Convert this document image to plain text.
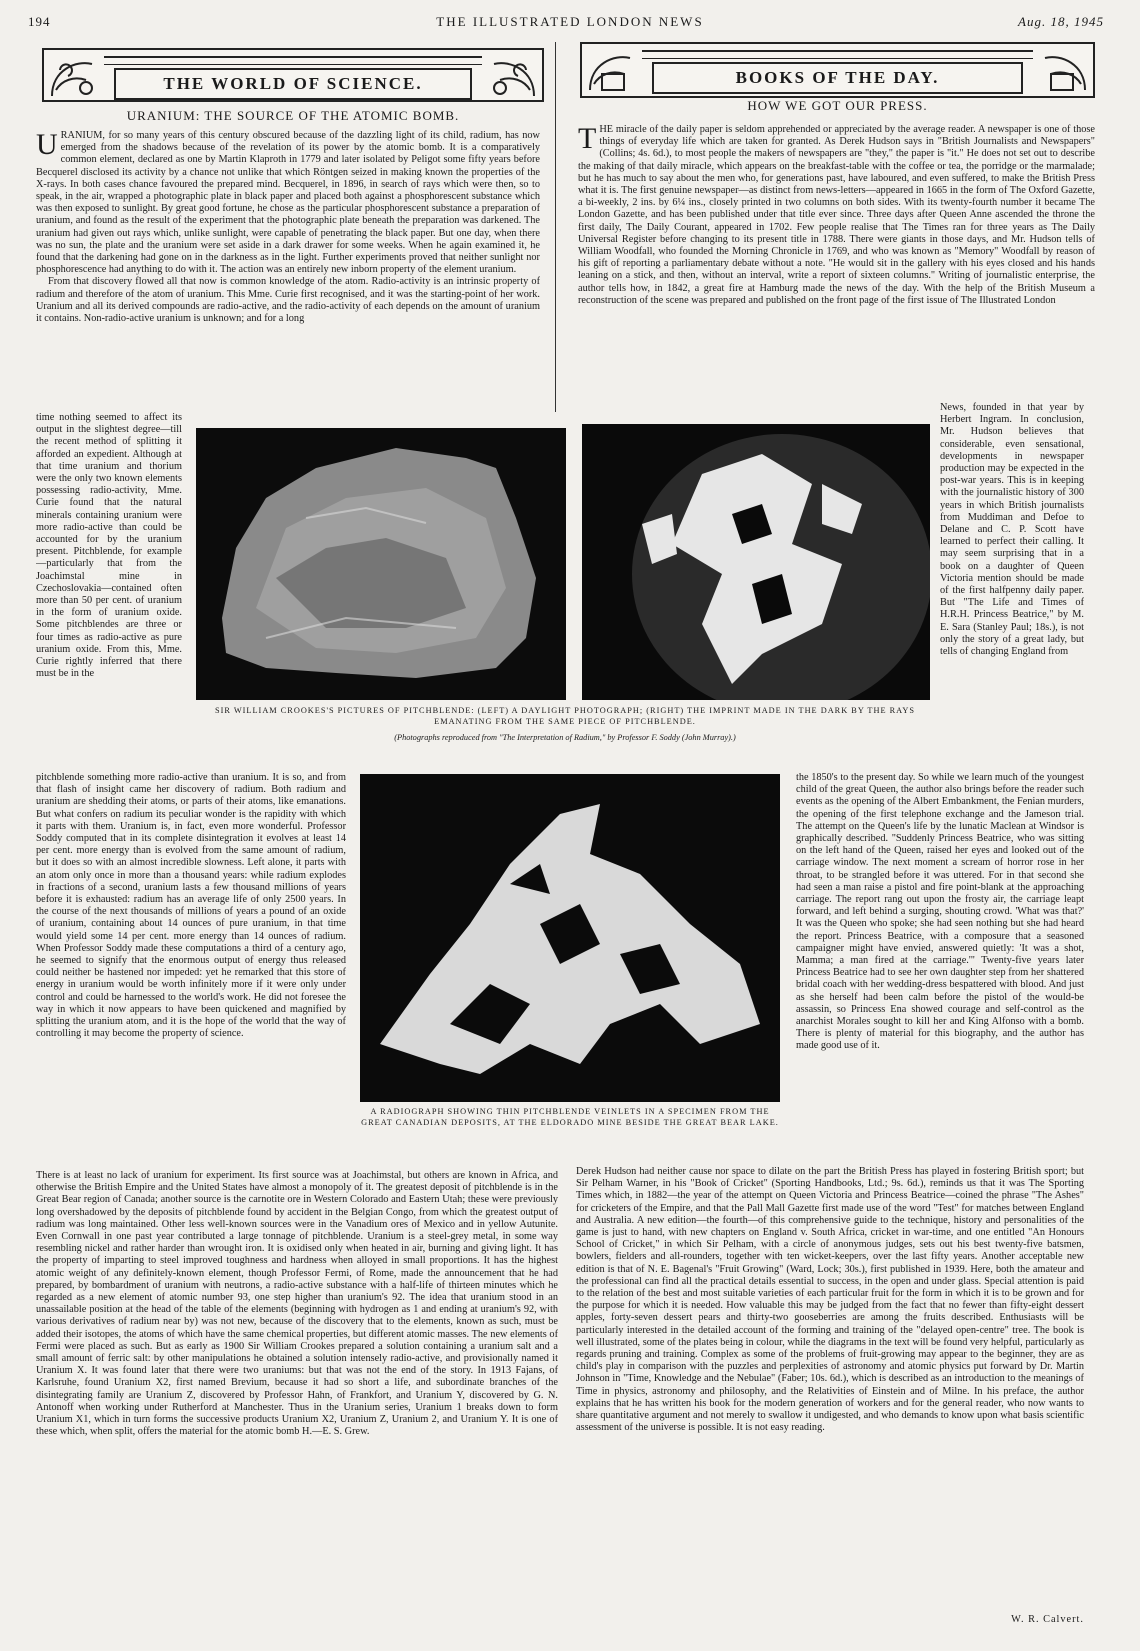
194	THE ILLUSTRATED LONDON NEWS	Aug. 18, 1945
THE WORLD OF SCIENCE.	BOOKS OF THE DAY.
URANIUM: THE SOURCE OF THE ATOMIC BOMB.
HOW WE GOT OUR PRESS.

URANIUM, for so many years of this century obscured because of the dazzling light of its child, radium, has now emerged from the shadows because of the revelation of its power by the atomic bomb. It is a comparatively common element, declared as one by Martin Klaproth in 1779 and later isolated by Peligot some fifty years before Becquerel disclosed its activity by a chance not unlike that which Röntgen seized in making known the properties of the X-rays. In both cases chance favoured the prepared mind. Becquerel, in 1896, in search of rays which were then, so to speak, in the air, wrapped a photographic plate in black paper and placed both against a phosphorescent substance which was then exposed to sunlight. By great good fortune, he chose as the particular phosphorescent substance a preparation of uranium, and found as the result of the experiment that the photographic plate beneath the preparation was darkened. The uranium had given out rays which, unlike sunlight, were capable of penetrating the black paper. But one day, when there was no sun, the plate and the uranium were set aside in a dark drawer for some weeks. When he again examined it, he found that the darkening had gone on in the darkness as in the light. Further experiments proved that neither sunlight nor phosphorescence had anything to do with it. The action was an entirely new inborn property of the element uranium.

From that discovery flowed all that now is common knowledge of the atom. Radio-activity is an intrinsic property of radium and therefore of the atom of uranium. This Mme. Curie first recognised, and it was the starting-point of her work. Uranium and all its derived compounds are radio-active, and the radio-activity of each depends on the amount of uranium it contains. Non-radio-active uranium is unknown; and for a long

THE miracle of the daily paper is seldom apprehended or appreciated by the average reader. A newspaper is one of those things of everyday life which are taken for granted. As Derek Hudson says in "British Journalists and Newspapers" (Collins; 4s. 6d.), to most people the makers of newspapers are "they," the paper is "it." He does not set out to describe the making of that daily miracle, which appears on the breakfast-table with the coffee or tea, the porridge or the marmalade; but he has much to say about the men who, for generations past, have laboured, and even suffered, to make the British Press what it is. The first genuine newspaper—as distinct from news-letters—appeared in 1665 in the form of The Oxford Gazette, a bi-weekly, 2 ins. by 6¼ ins., closely printed in two columns on both sides. With its twenty-fourth number it became The London Gazette, and has been published under that title ever since. Three days after Queen Anne ascended the throne the first daily, The Daily Courant, appeared in 1702. Few people realise that The Times ran for three years as The Daily Universal Register before changing to its present title in 1788. There were giants in those days, and Mr. Hudson tells of William Woodfall, who founded the Morning Chronicle in 1769, and who was known as "Memory" Woodfall by reason of his gift of reporting a parliamentary debate without a note. "He would sit in the gallery with his eyes closed and his hands leaning on a stick, and then, without an interval, write a report of sixteen columns." Writing of journalistic enterprise, the author tells how, in 1842, a great fire at Hamburg made the news of the day. With the help of the British Museum a reconstruction of the scene was prepared and published on the front page of the first issue of The Illustrated London

time nothing seemed to affect its output in the slightest degree—till the recent method of splitting it afforded an expedient. Although at that time uranium and thorium were the only two known elements possessing radio-activity, Mme. Curie found that the natural minerals containing uranium were more radio-active than could be accounted for by the uranium present. Pitchblende, for example—particularly that from the Joachimstal mine in Czechoslovakia—contained often more than 50 per cent. of uranium in the form of uranium oxide. Some pitchblendes are three or four times as radio-active as pure uranium oxide. From this, Mme. Curie rightly inferred that there must be in the

News, founded in that year by Herbert Ingram. In conclusion, Mr. Hudson believes that considerable, even sensational, developments in newspaper production may be expected in the post-war years. This is in keeping with the journalistic history of 300 years in which British journalists from Muddiman and Defoe to Delane and C. P. Scott have learned to perfect their calling. It may seem surprising that in a book on a daughter of Queen Victoria mention should be made of the first halfpenny daily paper. But "The Life and Times of H.R.H. Princess Beatrice," by M. E. Sara (Stanley Paul; 18s.), is not only the story of a great lady, but tells of changing England from

SIR WILLIAM CROOKES'S PICTURES OF PITCHBLENDE: (LEFT) A DAYLIGHT PHOTOGRAPH; (RIGHT) THE IMPRINT MADE IN THE DARK BY THE RAYS EMANATING FROM THE SAME PIECE OF PITCHBLENDE.
(Photographs reproduced from "The Interpretation of Radium," by Professor F. Soddy (John Murray).)

pitchblende something more radio-active than uranium. It is so, and from that flash of insight came her discovery of radium. Both radium and uranium are shedding their atoms, or parts of their atoms, like emanations. But what confers on radium its peculiar wonder is the rapidity with which it parts with them. Uranium is, in fact, even more wonderful. Professor Soddy computed that in its complete disintegration it evolves at least 14 per cent. more energy than is evolved from the same amount of radium, but it does so with an almost incredible slowness. Left alone, it parts with an atom only once in more than a thousand years: while radium explodes in fractions of a second, uranium lasts a few thousand millions of years before it is exhausted: radium has an average life of only 2500 years. In the course of the next thousands of millions of years a pound of an oxide of uranium, containing about 14 ounces of pure uranium, in that time would yield some 14 per cent. more energy than 14 ounces of radium. When Professor Soddy made these computations a third of a century ago, he seemed to signify that the enormous output of energy thus released could neither be hastened nor impeded: yet he remarked that this store of energy in uranium would be worth infinitely more if it were only under control and could be harnessed to the world's work. He did not foresee the way in which it now appears to have been quickened and magnified by splitting the uranium atom, and it is the hope of the world that the way of controlling it may become the property of science.

A RADIOGRAPH SHOWING THIN PITCHBLENDE VEINLETS IN A SPECIMEN FROM THE GREAT CANADIAN DEPOSITS, AT THE ELDORADO MINE BESIDE THE GREAT BEAR LAKE.

the 1850's to the present day. So while we learn much of the youngest child of the great Queen, the author also brings before the reader such events as the opening of the Albert Embankment, the Fenian murders, the opening of the first telephone exchange and the Jameson trial. The attempt on the Queen's life by the lunatic Maclean at Windsor is graphically described. "Suddenly Princess Beatrice, who was sitting on the left hand of the Queen, raised her eyes and looked out of the carriage window. The next moment a scream of horror rose in her throat, to be strangled before it was uttered. For in that second she had seen a man raise a pistol and fire point-blank at the approaching carriage. The report rang out upon the frosty air, the carriage leapt forward, and left behind a surging, shouting crowd. 'What was that?' It was the Queen who spoke; she had seen nothing but she had heard the report. Princess Beatrice, with a composure that a seasoned campaigner might have envied, answered quietly: 'It was a shot, Mamma; a man fired at the carriage.'" Twenty-five years later Princess Beatrice had to see her own daughter step from her shattered bridal coach with her wedding-dress bespattered with blood. And just as she herself had been calm before the pistol of the would-be assassin, so Princess Ena showed courage and self-control as the anarchist Morales sought to kill her and King Alfonso with a bomb. There is plenty of material for this biography, and the author has made good use of it.

There is at least no lack of uranium for experiment. Its first source was at Joachimstal, but others are known in Africa, and otherwise the British Empire and the United States have almost a monopoly of it. The greatest deposit of pitchblende is in the Great Bear region of Canada; another source is the carnotite ore in Western Colorado and Eastern Utah; these were previously long overshadowed by the deposits of pitchblende found by accident in the Belgian Congo, from which the greatest output of radium was long maintained. Other less well-known sources were in the Vanadium ores of Mexico and in yellow Autunite. Even Cornwall in one past year contributed a large tonnage of pitchblende. Uranium is a steel-grey metal, in some way resembling nickel and rather harder than wrought iron. It is oxidised only when heated in air, burning and giving light. It has the property of imparting to steel improved toughness and hardness when alloyed in small proportions. It has the highest atomic weight of any definitely-known element, though Professor Fermi, of Rome, made the announcement that he had prepared, by bombardment of uranium with neutrons, a radio-active substance with a half-life of thirteen minutes which he regarded as a new element of atomic number 93, one step higher than uranium's 92. The idea that uranium stood in an unassailable position at the head of the table of the elements (beginning with hydrogen as 1 and ending at uranium's 92, with various derivatives of radium near by) was not new, because of the discovery that to the elements, known as such, must be added their isotopes, the atoms of which have the same chemical properties, but different atomic masses. The new elements of Fermi were placed as such. But as early as 1900 Sir William Crookes prepared a solution containing a uranium salt and a small amount of ferric salt: by other manipulations he obtained a solution intensely radio-active, and provisionally named it Uranium X. It was found later that there were two uraniums: but that was not the end of the story. In 1913 Fajans, of Karlsruhe, found Uranium X2, first named Brevium, because it had so short a life, and subordinate branches of the disintegrating family are Uranium Z, discovered by Professor Hahn, of Frankfort, and Uranium Y, discovered by G. N. Antonoff when working under Rutherford at Manchester. Thus in the Uranium series, Uranium 1 breaks down to form Uranium X1, which in turn forms the successive products Uranium X2, Uranium Z, Uranium 2, and Uranium Y. It is one of these which, when split, offers the material for the atomic bomb H.—E. S. Grew.

Derek Hudson had neither cause nor space to dilate on the part the British Press has played in fostering British sport; but Sir Pelham Warner, in his "Book of Cricket" (Sporting Handbooks, Ltd.; 9s. 6d.), reminds us that it was The Sporting Times which, in 1882—the year of the attempt on Queen Victoria and Princess Beatrice—coined the phrase "The Ashes" for cricketers of the Empire, and that the Pall Mall Gazette first made use of the word "Test" for matches between England and Australia. A new edition—the fourth—of this comprehensive guide to the technique, history and personalities of the game is just to hand, with new chapters on England v. South Africa, cricket in war-time, and one entitled "An Honours School of Cricket," in which Sir Pelham, with a circle of anonymous judges, sets out his best twenty-five batsmen, bowlers, fielders and all-rounders, together with ten wicket-keepers, over the last fifty years. Another acceptable new edition is that of N. E. Bagenal's "Fruit Growing" (Ward, Lock; 30s.), first published in 1939. Here, both the amateur and the professional can find all the practical details essential to success, in the open and under glass. Special attention is paid to the relation of the best and most suitable varieties of each particular fruit for the form in which it is to be grown and for the purpose for which it is needed. How valuable this may be judged from the fact that no fewer than fifty-eight dessert apples, forty-seven dessert pears and thirty-two gooseberries are among the fruits described. Enthusiasts will be particularly interested in the detailed account of the forming and training of the "delayed open-centre" tree. The book is well illustrated, some of the plates being in colour, while the diagrams in the text will be found very helpful, particularly as regards pruning and training. Complex as some of the problems of fruit-growing may appear to the beginner, they are as child's play in comparison with the puzzles and perplexities of astronomy and atomic physics put forward by Dr. Martin Johnson in "Time, Knowledge and the Nebulae" (Faber; 10s. 6d.), which is described as an introduction to the meanings of Time in physics, astronomy and philosophy, and the Relativities of Einstein and of Milne. In his preface, the author explains that he has written his book for the modern generation of workers and for the general reader, who now wants to share quantitative argument and not merely to swallow it undigested, and who demands to know upon what basis scientific assessment of the universe is possible. It is not easy reading.

W. R. Calvert.
